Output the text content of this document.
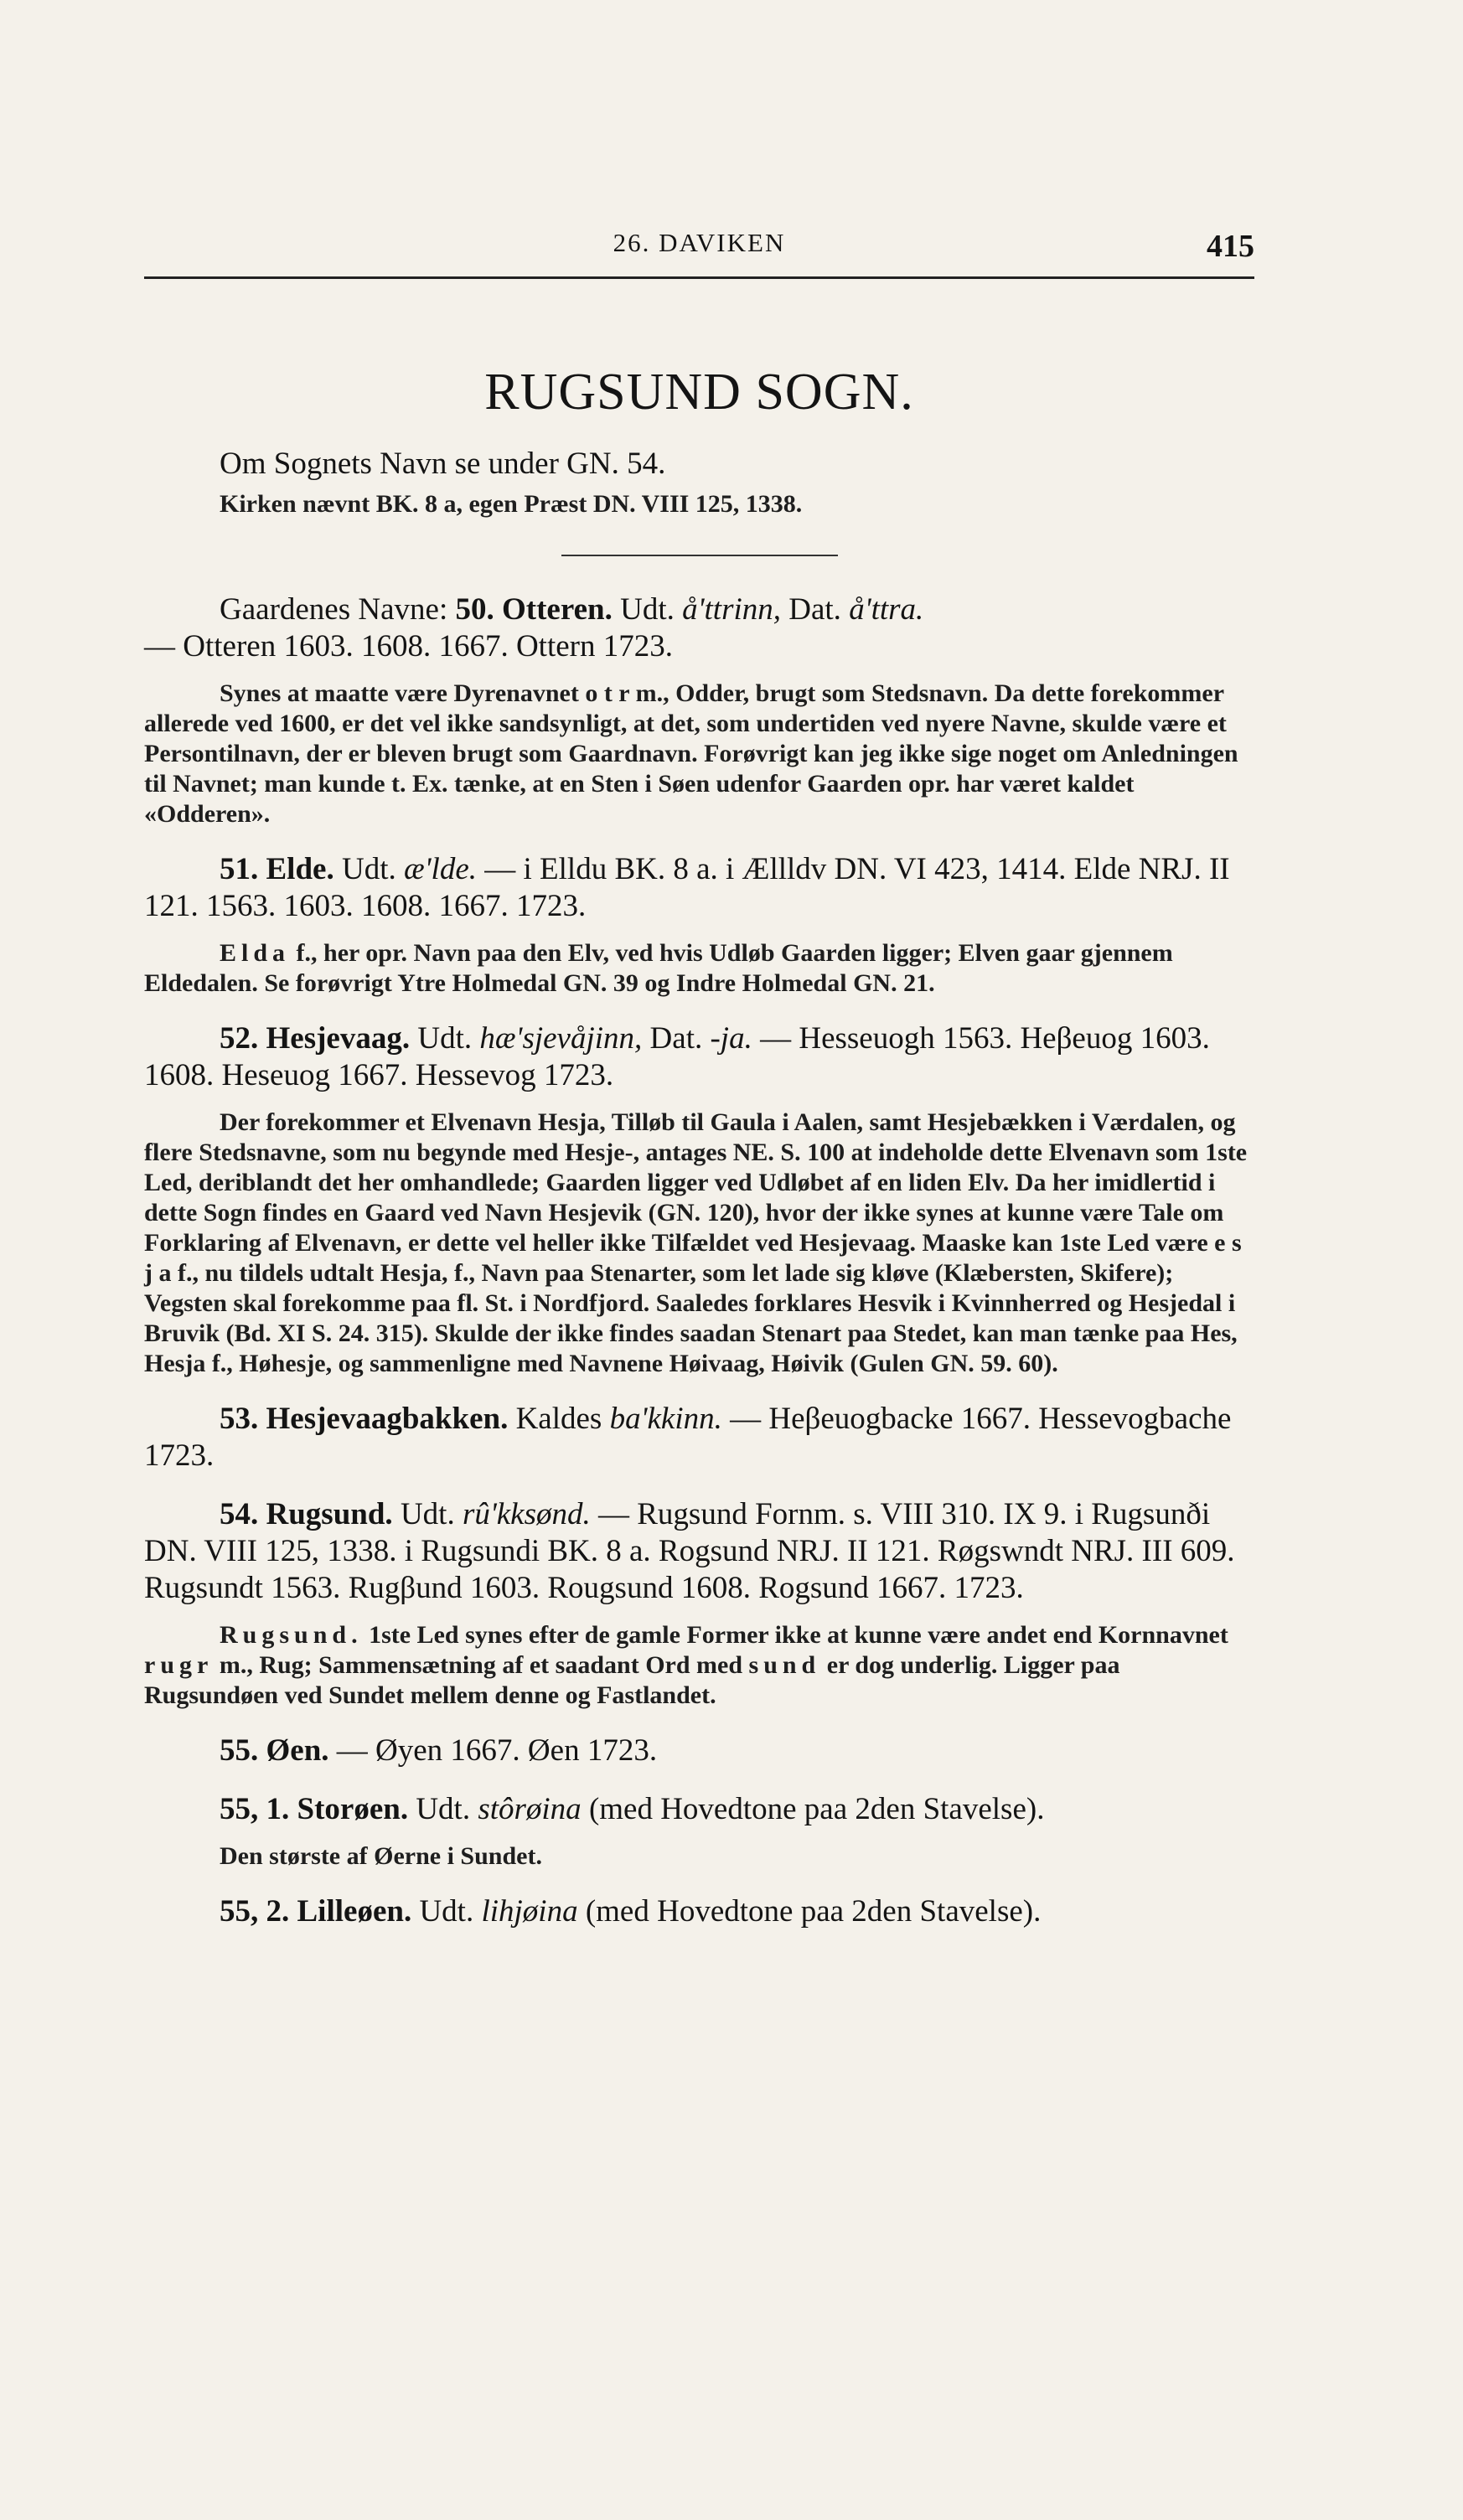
26. DAVIKEN	415
RUGSUND SOGN.

Om Sognets Navn se under GN. 54.

Kirken nævnt BK. 8 a, egen Præst DN. VIII 125, 1338.

Gaardenes Navne: 50. Otteren. Udt. å'ttrinn, Dat. å'ttra.

— Otteren 1603. 1608. 1667. Ottern 1723.

Synes at maatte være Dyrenavnet o t r m., Odder, brugt som Stedsnavn. Da dette forekommer allerede ved 1600, er det vel ikke sandsynligt, at det, som undertiden ved nyere Navne, skulde være et Persontilnavn, der er bleven brugt som Gaardnavn. Forøvrigt kan jeg ikke sige noget om Anledningen til Navnet; man kunde t. Ex. tænke, at en Sten i Søen udenfor Gaarden opr. har været kaldet «Odderen».

51. Elde. Udt. æ'lde. — i Elldu BK. 8 a. i Ællldv DN. VI 423, 1414. Elde NRJ. II 121. 1563. 1603. 1608. 1667. 1723.

Elda f., her opr. Navn paa den Elv, ved hvis Udløb Gaarden ligger; Elven gaar gjennem Eldedalen. Se forøvrigt Ytre Holmedal GN. 39 og Indre Holmedal GN. 21.

52. Hesjevaag. Udt. hæ'sjevåjinn, Dat. -ja. — Hesseuogh 1563. Heβeuog 1603. 1608. Heseuog 1667. Hessevog 1723.

Der forekommer et Elvenavn Hesja, Tilløb til Gaula i Aalen, samt Hesjebækken i Værdalen, og flere Stedsnavne, som nu begynde med Hesje-, antages NE. S. 100 at indeholde dette Elvenavn som 1ste Led, deriblandt det her omhandlede; Gaarden ligger ved Udløbet af en liden Elv. Da her imidlertid i dette Sogn findes en Gaard ved Navn Hesjevik (GN. 120), hvor der ikke synes at kunne være Tale om Forklaring af Elvenavn, er dette vel heller ikke Tilfældet ved Hesjevaag. Maaske kan 1ste Led være e s j a f., nu tildels udtalt Hesja, f., Navn paa Stenarter, som let lade sig kløve (Klæbersten, Skifere); Vegsten skal forekomme paa fl. St. i Nordfjord. Saaledes forklares Hesvik i Kvinnherred og Hesjedal i Bruvik (Bd. XI S. 24. 315). Skulde der ikke findes saadan Stenart paa Stedet, kan man tænke paa Hes, Hesja f., Høhesje, og sammenligne med Navnene Høivaag, Høivik (Gulen GN. 59. 60).

53. Hesjevaagbakken. Kaldes ba'kkinn. — Heβeuogbacke 1667. Hessevogbache 1723.

54. Rugsund. Udt. rû'kksønd. — Rugsund Fornm. s. VIII 310. IX 9. i Rugsunði DN. VIII 125, 1338. i Rugsundi BK. 8 a. Rogsund NRJ. II 121. Røgswndt NRJ. III 609. Rugsundt 1563. Rugβund 1603. Rougsund 1608. Rogsund 1667. 1723.

Rugsund. 1ste Led synes efter de gamle Former ikke at kunne være andet end Kornnavnet rugr m., Rug; Sammensætning af et saadant Ord med sund er dog underlig. Ligger paa Rugsundøen ved Sundet mellem denne og Fastlandet.

55. Øen. — Øyen 1667. Øen 1723.

55, 1. Storøen. Udt. stôrøina (med Hovedtone paa 2den Stavelse).

Den største af Øerne i Sundet.

55, 2. Lilleøen. Udt. lihjøina (med Hovedtone paa 2den Stavelse).
